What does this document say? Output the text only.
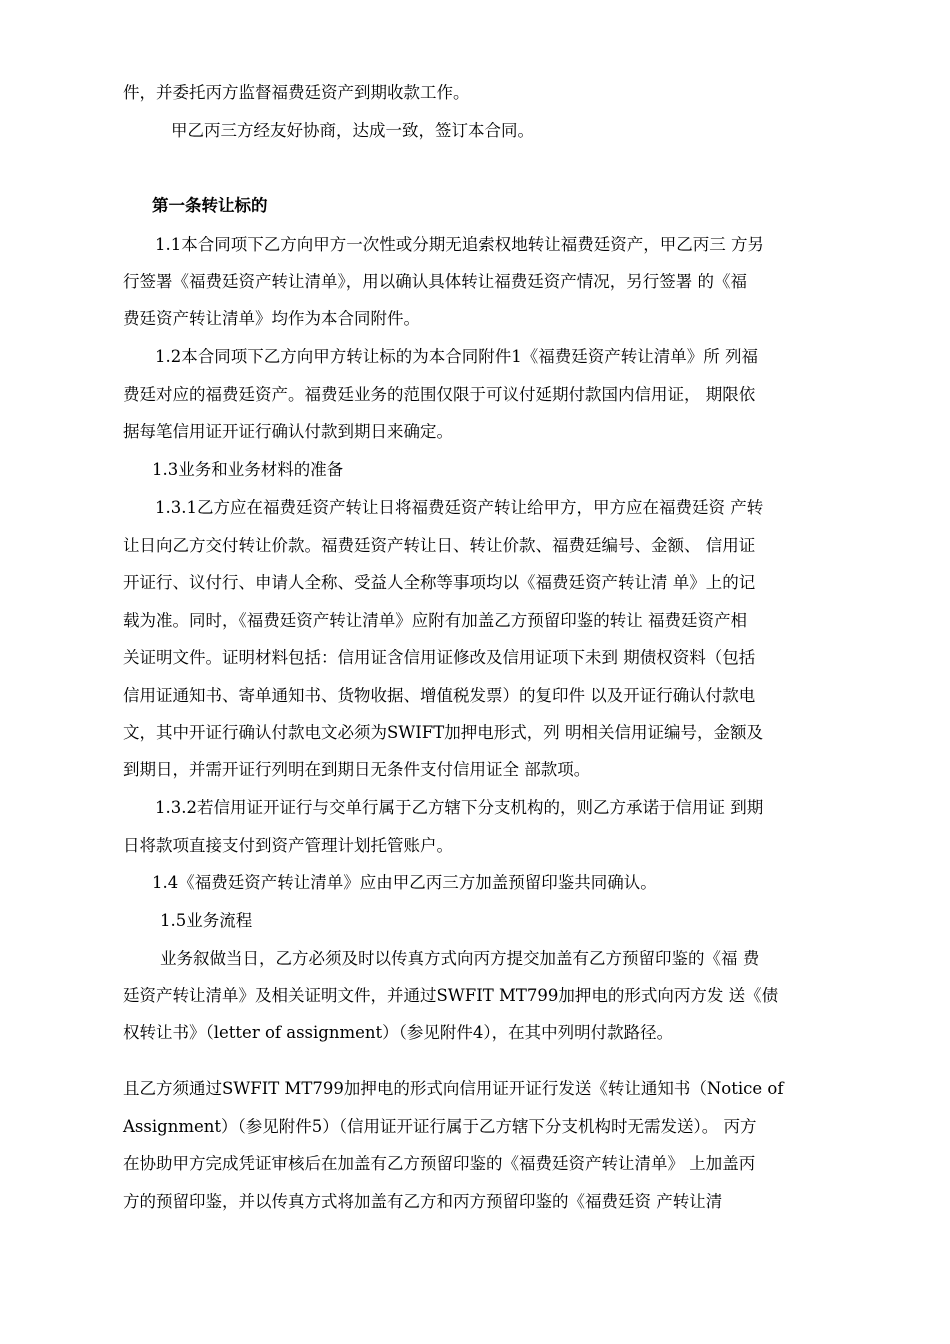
件，并委托丙方监督福费廷资产到期收款工作。

甲乙丙三方经友好协商，达成一致，签订本合同。

第一条转让标的

1.1本合同项下乙方向甲方一次性或分期无追索权地转让福费廷资产，甲乙丙三 方另

行签署《福费廷资产转让清单》，用以确认具体转让福费廷资产情况，另行签署 的《福

费廷资产转让清单》均作为本合同附件。

1.2本合同项下乙方向甲方转让标的为本合同附件1《福费廷资产转让清单》所 列福

费廷对应的福费廷资产。福费廷业务的范围仅限于可议付延期付款国内信用证， 期限依

据每笔信用证开证行确认付款到期日来确定。

1.3业务和业务材料的准备

1.3.1乙方应在福费廷资产转让日将福费廷资产转让给甲方，甲方应在福费廷资 产转

让日向乙方交付转让价款。福费廷资产转让日、转让价款、福费廷编号、金额、 信用证

开证行、议付行、申请人全称、受益人全称等事项均以《福费廷资产转让清 单》上的记

载为准。同时，《福费廷资产转让清单》应附有加盖乙方预留印鉴的转让 福费廷资产相

关证明文件。证明材料包括：信用证含信用证修改及信用证项下未到 期债权资料（包括

信用证通知书、寄单通知书、货物收据、增值税发票）的复印件 以及开证行确认付款电

文，其中开证行确认付款电文必须为SWIFT加押电形式，列 明相关信用证编号，金额及

到期日，并需开证行列明在到期日无条件支付信用证全 部款项。

1.3.2若信用证开证行与交单行属于乙方辖下分支机构的，则乙方承诺于信用证 到期

日将款项直接支付到资产管理计划托管账户。

1.4《福费廷资产转让清单》应由甲乙丙三方加盖预留印鉴共同确认。

1.5业务流程

业务叙做当日，乙方必须及时以传真方式向丙方提交加盖有乙方预留印鉴的《福 费

廷资产转让清单》及相关证明文件，并通过SWFIT MT799加押电的形式向丙方发 送《债

权转让书》（letter of assignment）（参见附件4），在其中列明付款路径。

且乙方须通过SWFIT MT799加押电的形式向信用证开证行发送《转让通知书（Notice of

Assignment）（参见附件5）（信用证开证行属于乙方辖下分支机构时无需发送）。 丙方

在协助甲方完成凭证审核后在加盖有乙方预留印鉴的《福费廷资产转让清单》 上加盖丙

方的预留印鉴，并以传真方式将加盖有乙方和丙方预留印鉴的《福费廷资 产转让清
